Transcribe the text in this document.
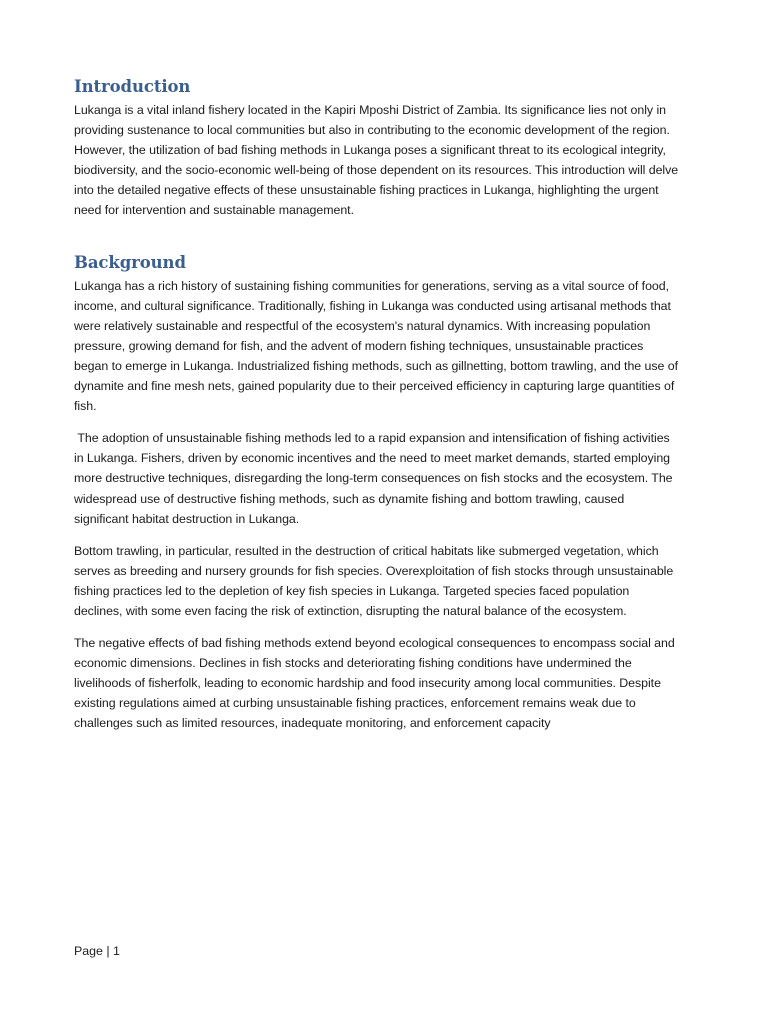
Introduction

Lukanga is a vital inland fishery located in the Kapiri Mposhi District of Zambia. Its significance lies not only in providing sustenance to local communities but also in contributing to the economic development of the region. However, the utilization of bad fishing methods in Lukanga poses a significant threat to its ecological integrity, biodiversity, and the socio-economic well-being of those dependent on its resources. This introduction will delve into the detailed negative effects of these unsustainable fishing practices in Lukanga, highlighting the urgent need for intervention and sustainable management.

Background

Lukanga has a rich history of sustaining fishing communities for generations, serving as a vital source of food, income, and cultural significance. Traditionally, fishing in Lukanga was conducted using artisanal methods that were relatively sustainable and respectful of the ecosystem's natural dynamics. With increasing population pressure, growing demand for fish, and the advent of modern fishing techniques, unsustainable practices began to emerge in Lukanga. Industrialized fishing methods, such as gillnetting, bottom trawling, and the use of dynamite and fine mesh nets, gained popularity due to their perceived efficiency in capturing large quantities of fish.

The adoption of unsustainable fishing methods led to a rapid expansion and intensification of fishing activities in Lukanga. Fishers, driven by economic incentives and the need to meet market demands, started employing more destructive techniques, disregarding the long-term consequences on fish stocks and the ecosystem. The widespread use of destructive fishing methods, such as dynamite fishing and bottom trawling, caused significant habitat destruction in Lukanga.

Bottom trawling, in particular, resulted in the destruction of critical habitats like submerged vegetation, which serves as breeding and nursery grounds for fish species. Overexploitation of fish stocks through unsustainable fishing practices led to the depletion of key fish species in Lukanga. Targeted species faced population declines, with some even facing the risk of extinction, disrupting the natural balance of the ecosystem.

The negative effects of bad fishing methods extend beyond ecological consequences to encompass social and economic dimensions. Declines in fish stocks and deteriorating fishing conditions have undermined the livelihoods of fisherfolk, leading to economic hardship and food insecurity among local communities. Despite existing regulations aimed at curbing unsustainable fishing practices, enforcement remains weak due to challenges such as limited resources, inadequate monitoring, and enforcement capacity

Page | 1
